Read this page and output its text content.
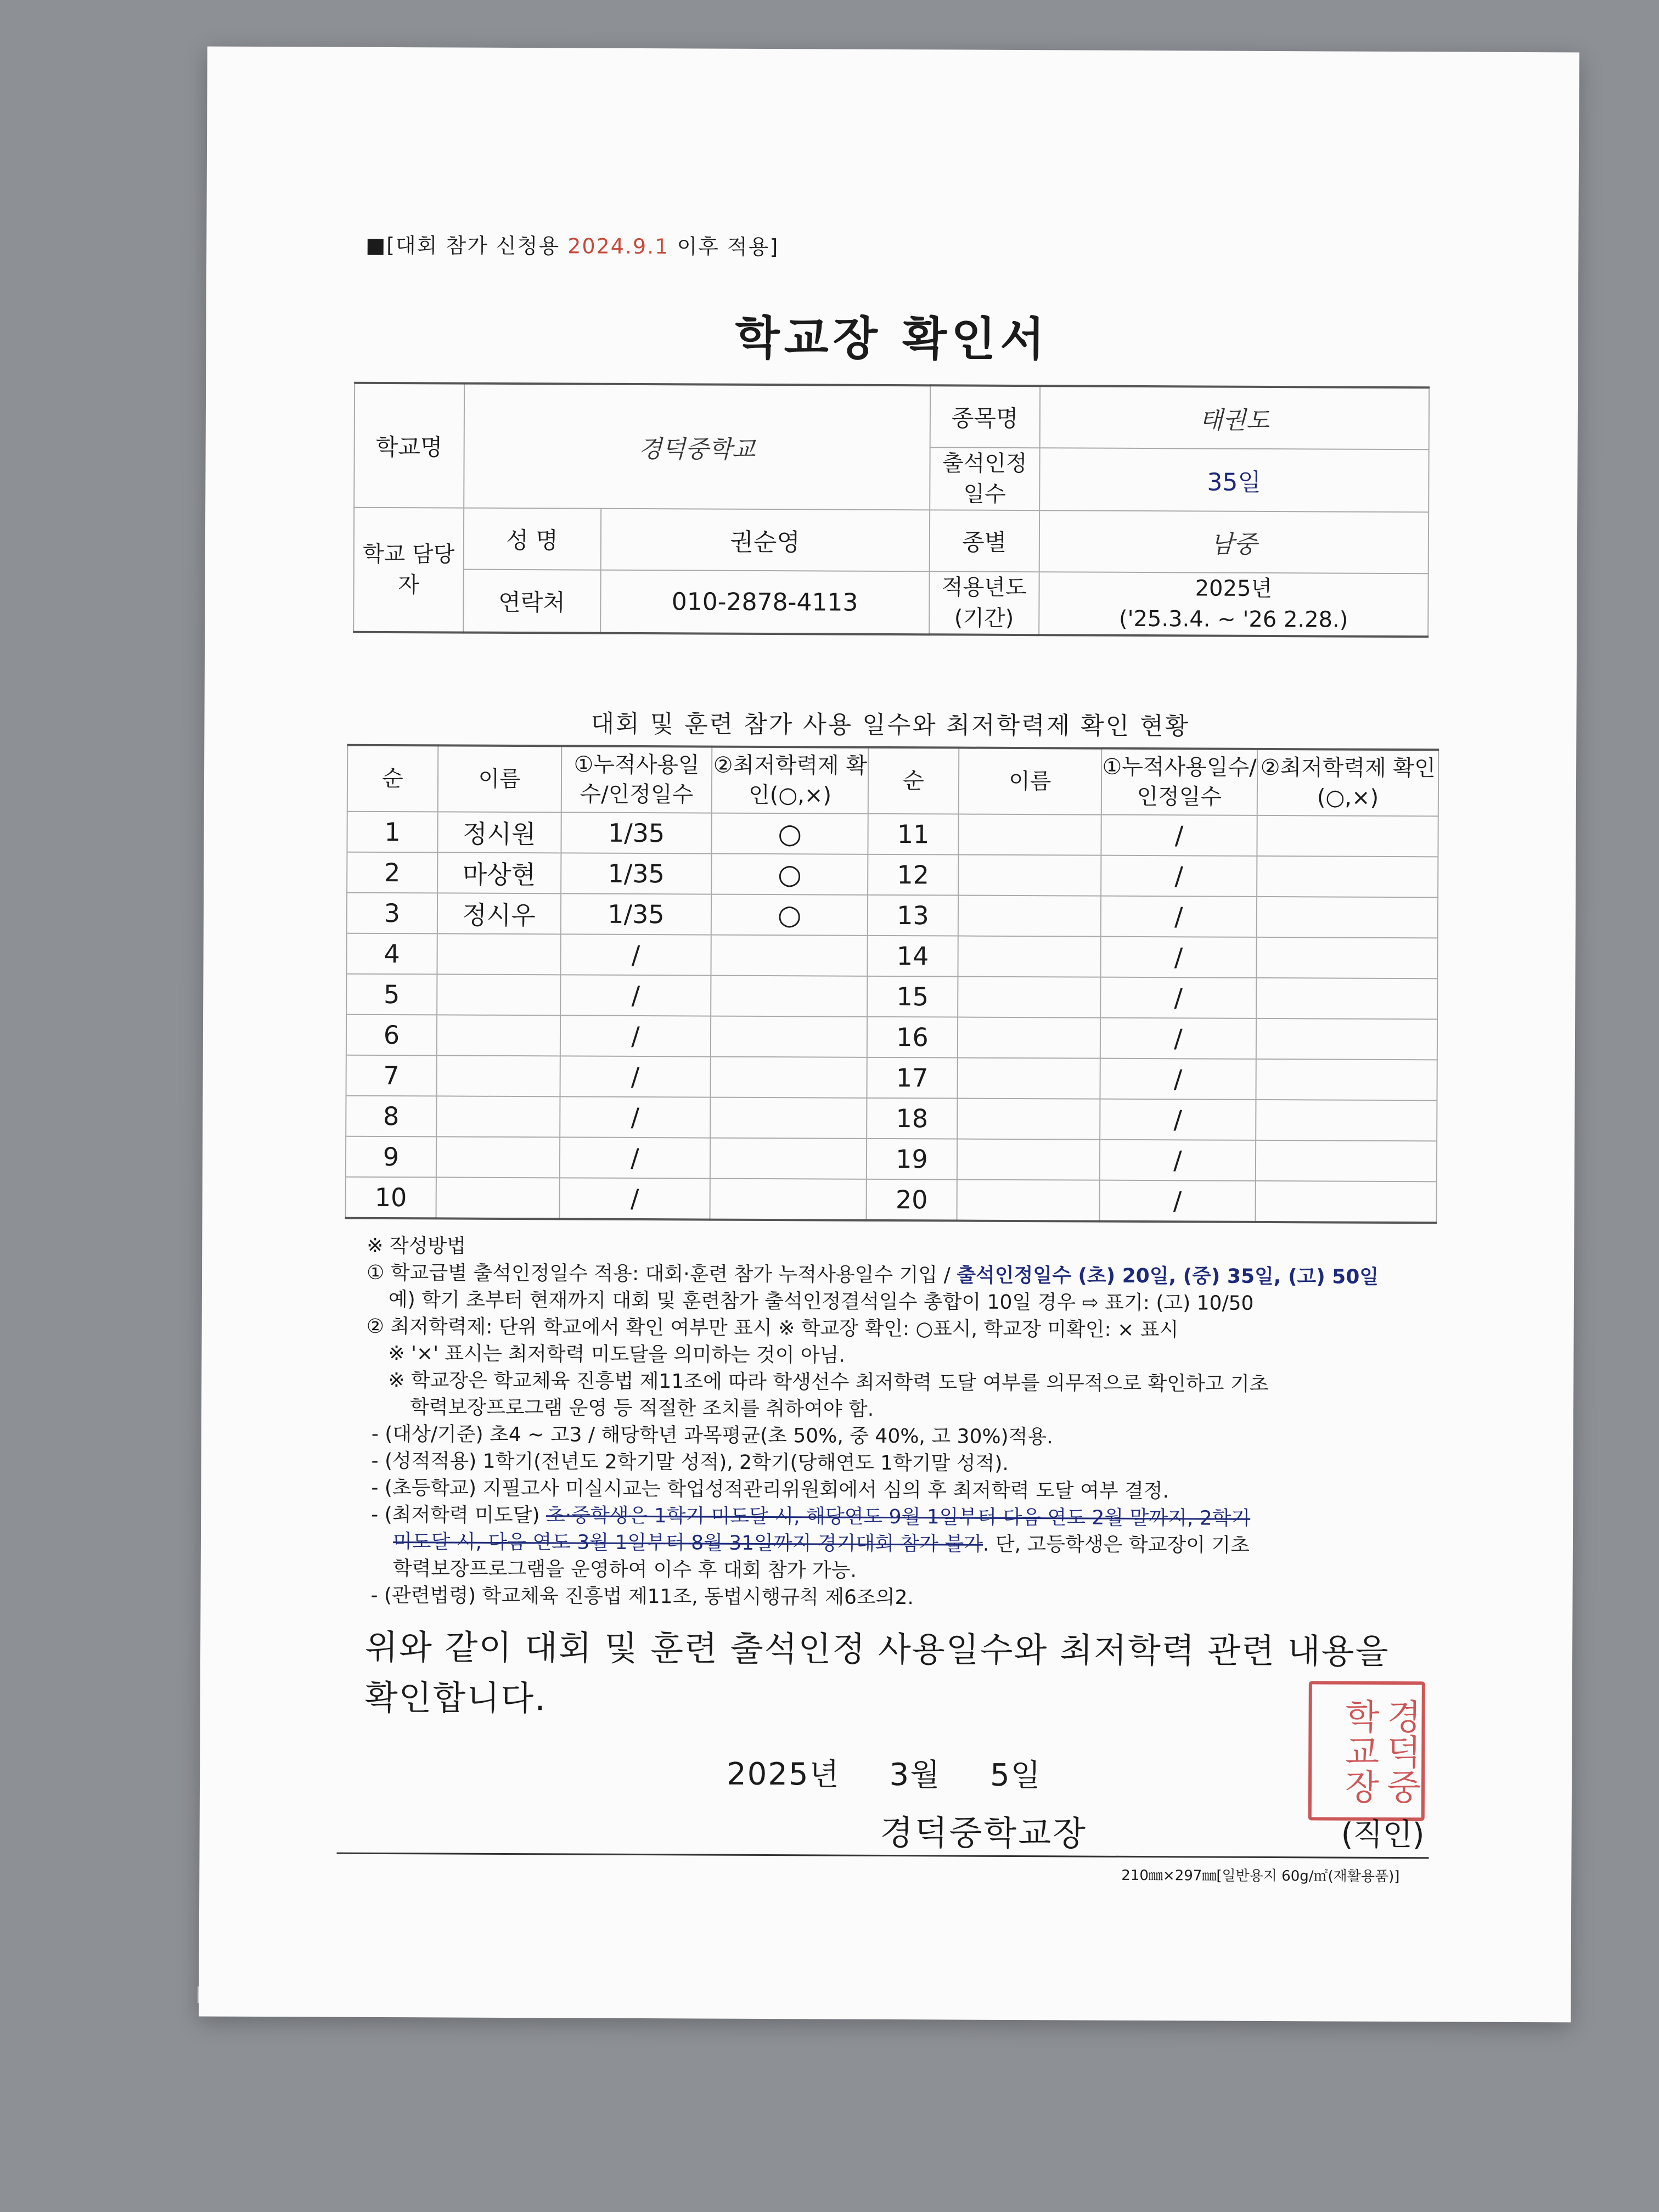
■[대회 참가 신청용 2024.9.1 이후 적용]
학교장 확인서
학교명	경덕중학교		종목명	태권도
			출석인정 일수	35일
학교 담당자	성 명	권순영	종별	남중
	연락처	010-2878-4113	적용년도 (기간)	2025년
('25.3.4. ~ '26 2.28.)
대회 및 훈련 참가 사용 일수와 최저학력제 확인 현황
순	이름	①누적사용일수/인정일수	②최저학력제 확인(○,×)	순	이름	①누적사용일수/인정일수	②최저학력제 확인(○,×)
1	정시원	1/35	○	11		/	
2	마상현	1/35	○	12		/	
3	정시우	1/35	○	13		/	
4		/		14		/	
5		/		15		/	
6		/		16		/	
7		/		17		/	
8		/		18		/	
9		/		19		/	
10		/		20		/	
※ 작성방법
① 학교급별 출석인정일수 적용: 대회·훈련 참가 누적사용일수 기입 / 출석인정일수 (초) 20일, (중) 35일, (고) 50일
예) 학기 초부터 현재까지 대회 및 훈련참가 출석인정결석일수 총합이 10일 경우 ⇨ 표기: (고) 10/50
② 최저학력제: 단위 학교에서 확인 여부만 표시 ※ 학교장 확인: ○표시, 학교장 미확인: × 표시
※ '×' 표시는 최저학력 미도달을 의미하는 것이 아님.
※ 학교장은 학교체육 진흥법 제11조에 따라 학생선수 최저학력 도달 여부를 의무적으로 확인하고 기초
학력보장프로그램 운영 등 적절한 조치를 취하여야 함.
- (대상/기준) 초4 ~ 고3 / 해당학년 과목평균(초 50%, 중 40%, 고 30%)적용.
- (성적적용) 1학기(전년도 2학기말 성적), 2학기(당해연도 1학기말 성적).
- (초등학교) 지필고사 미실시교는 학업성적관리위원회에서 심의 후 최저학력 도달 여부 결정.
- (최저학력 미도달) 초·중학생은 1학기 미도달 시, 해당연도 9월 1일부터 다음 연도 2월 말까지, 2학기
미도달 시, 다음 연도 3월 1일부터 8월 31일까지 경기대회 참가 불가. 단, 고등학생은 학교장이 기초
학력보장프로그램을 운영하여 이수 후 대회 참가 가능.
- (관련법령) 학교체육 진흥법 제11조, 동법시행규칙 제6조의2.
위와 같이 대회 및 훈련 출석인정 사용일수와 최저학력 관련 내용을 확인합니다.
2025년 3월 5일	경덕중학교장
경덕중학교장	(직인)
210㎜×297㎜[일반용지 60g/㎡(재활용품)]
